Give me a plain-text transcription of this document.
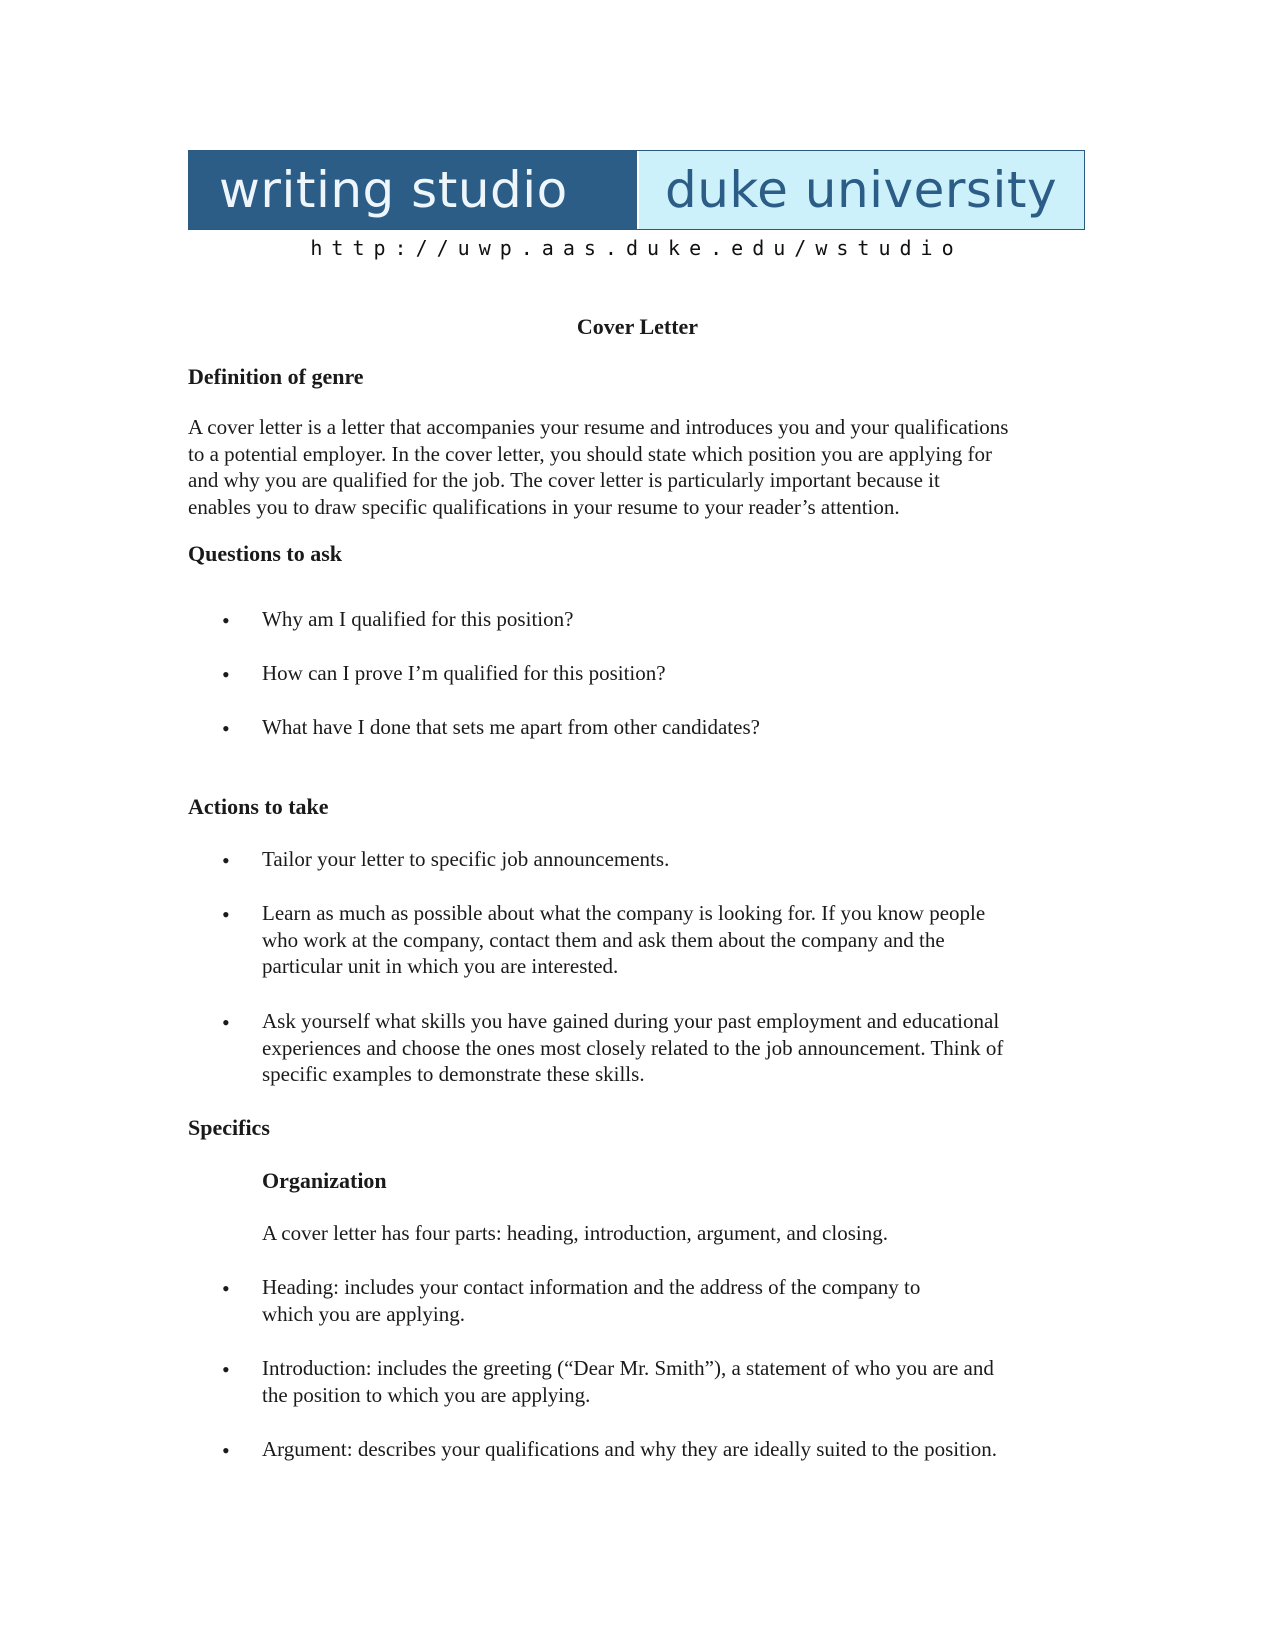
writing studio	duke university
http://uwp.aas.duke.edu/wstudio
Cover Letter
Definition of genre
A cover letter is a letter that accompanies your resume and introduces you and your qualifications
to a potential employer. In the cover letter, you should state which position you are applying for
and why you are qualified for the job. The cover letter is particularly important because it
enables you to draw specific qualifications in your resume to your reader’s attention.
Questions to ask
• Why am I qualified for this position?
• How can I prove I’m qualified for this position?
• What have I done that sets me apart from other candidates?
Actions to take
• Tailor your letter to specific job announcements.
• Learn as much as possible about what the company is looking for. If you know people
who work at the company, contact them and ask them about the company and the
particular unit in which you are interested.
• Ask yourself what skills you have gained during your past employment and educational
experiences and choose the ones most closely related to the job announcement. Think of
specific examples to demonstrate these skills.
Specifics
Organization
A cover letter has four parts: heading, introduction, argument, and closing.
• Heading: includes your contact information and the address of the company to
which you are applying.
• Introduction: includes the greeting (“Dear Mr. Smith”), a statement of who you are and
the position to which you are applying.
• Argument: describes your qualifications and why they are ideally suited to the position.
